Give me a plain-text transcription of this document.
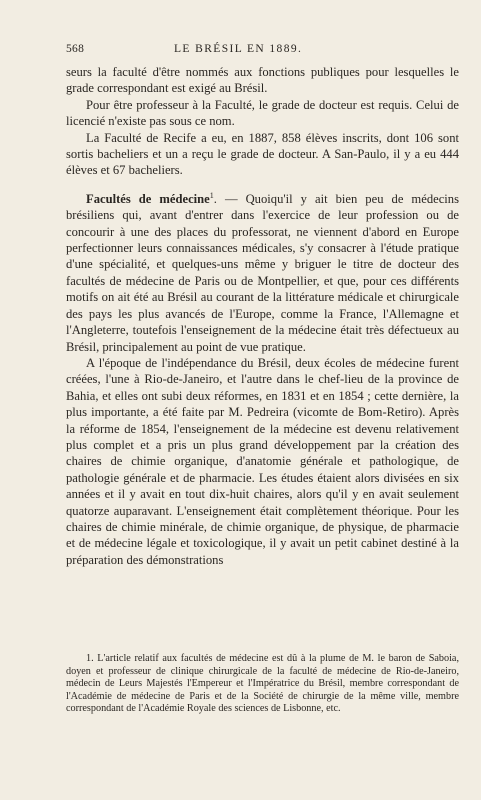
568	LE BRÉSIL EN 1889.

seurs la faculté d'être nommés aux fonctions publiques pour lesquelles le grade correspondant est exigé au Brésil.

Pour être professeur à la Faculté, le grade de docteur est requis. Celui de licencié n'existe pas sous ce nom.

La Faculté de Recife a eu, en 1887, 858 élèves inscrits, dont 106 sont sortis bacheliers et un a reçu le grade de docteur. A San-Paulo, il y a eu 444 élèves et 67 bacheliers.

Facultés de médecine$^1$. — Quoiqu'il y ait bien peu de médecins brésiliens qui, avant d'entrer dans l'exercice de leur profession ou de concourir à une des places du professorat, ne viennent d'abord en Europe perfectionner leurs connaissances médicales, s'y consacrer à l'étude pratique d'une spécialité, et quelques-uns même y briguer le titre de docteur des facultés de médecine de Paris ou de Montpellier, et que, pour ces différents motifs on ait été au Brésil au courant de la littérature médicale et chirurgicale des pays les plus avancés de l'Europe, comme la France, l'Allemagne et l'Angleterre, toutefois l'enseignement de la médecine était très défectueux au Brésil, principalement au point de vue pratique.

A l'époque de l'indépendance du Brésil, deux écoles de médecine furent créées, l'une à Rio-de-Janeiro, et l'autre dans le chef-lieu de la province de Bahia, et elles ont subi deux réformes, en 1831 et en 1854 ; cette dernière, la plus importante, a été faite par M. Pedreira (vicomte de Bom-Retiro). Après la réforme de 1854, l'enseignement de la médecine est devenu relativement plus complet et a pris un plus grand développement par la création des chaires de chimie organique, d'anatomie générale et pathologique, de pathologie générale et de pharmacie. Les études étaient alors divisées en six années et il y avait en tout dix-huit chaires, alors qu'il y en avait seulement quatorze auparavant. L'enseignement était complètement théorique. Pour les chaires de chimie minérale, de chimie organique, de physique, de pharmacie et de médecine légale et toxicologique, il y avait un petit cabinet destiné à la préparation des démonstrations

1. L'article relatif aux facultés de médecine est dû à la plume de M. le baron de Saboia, doyen et professeur de clinique chirurgicale de la faculté de médecine de Rio-de-Janeiro, médecin de Leurs Majestés l'Empereur et l'Impératrice du Brésil, membre correspondant de l'Académie de médecine de Paris et de la Société de chirurgie de la même ville, membre correspondant de l'Académie Royale des sciences de Lisbonne, etc.
